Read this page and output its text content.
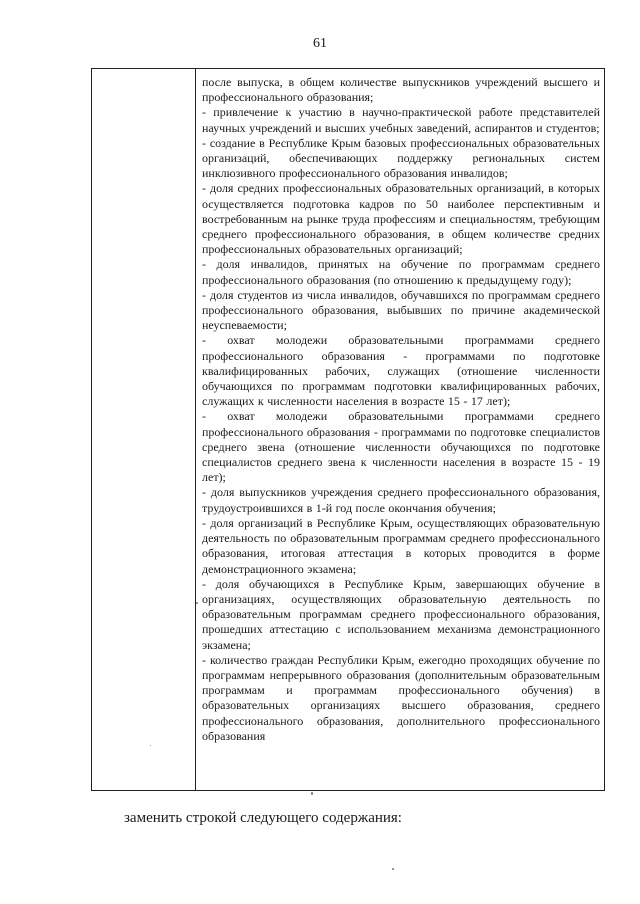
61

после выпуска, в общем количестве выпускников учреждений высшего и профессионального образования;

- привлечение к участию в научно-практической работе представителей научных учреждений и высших учебных заведений, аспирантов и студентов;

- создание в Республике Крым базовых профессиональных образовательных организаций, обеспечивающих поддержку региональных систем инклюзивного профессионального образования инвалидов;

- доля средних профессиональных образовательных организаций, в которых осуществляется подготовка кадров по 50 наиболее перспективным и востребованным на рынке труда профессиям и специальностям, требующим среднего профессионального образования, в общем количестве средних профессиональных образовательных организаций;

- доля инвалидов, принятых на обучение по программам среднего профессионального образования (по отношению к предыдущему году);

- доля студентов из числа инвалидов, обучавшихся по программам среднего профессионального образования, выбывших по причине академической неуспеваемости;

- охват молодежи образовательными программами среднего профессионального образования - программами по подготовке квалифицированных рабочих, служащих (отношение численности обучающихся по программам подготовки квалифицированных рабочих, служащих к численности населения в возрасте 15 - 17 лет);

- охват молодежи образовательными программами среднего профессионального образования - программами по подготовке специалистов среднего звена (отношение численности обучающихся по подготовке специалистов среднего звена к численности населения в возрасте 15 - 19 лет);

- доля выпускников учреждения среднего профессионального образования, трудоустроившихся в 1-й год после окончания обучения;

- доля организаций в Республике Крым, осуществляющих образовательную деятельность по образовательным программам среднего профессионального образования, итоговая аттестация в которых проводится в форме демонстрационного экзамена;

- доля обучающихся в Республике Крым, завершающих обучение в организациях, осуществляющих образовательную деятельность по образовательным программам среднего профессионального образования, прошедших аттестацию с использованием механизма демонстрационного экзамена;

- количество граждан Республики Крым, ежегодно проходящих обучение по программам непрерывного образования (дополнительным образовательным программам и программам профессионального обучения) в образовательных организациях высшего образования, среднего профессионального образования, дополнительного профессионального образования

заменить строкой следующего содержания:
